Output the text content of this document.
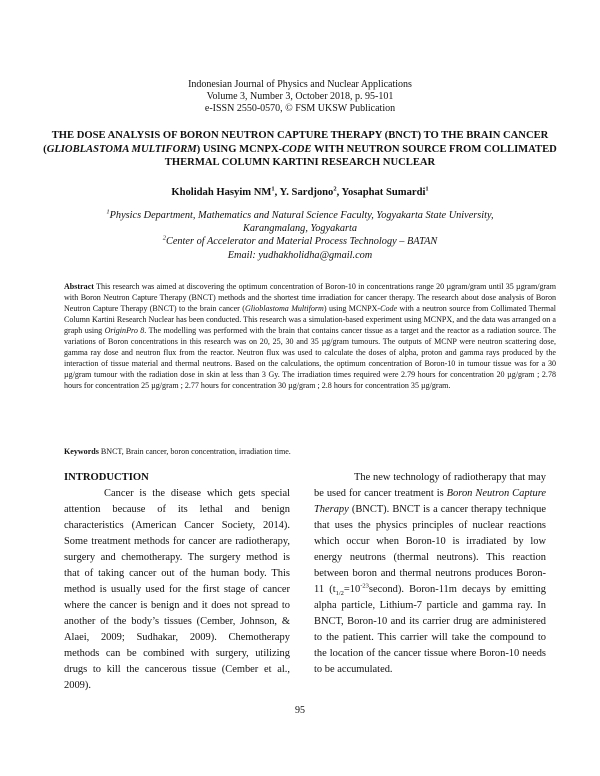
Indonesian Journal of Physics and Nuclear Applications
Volume 3, Number 3, October 2018, p. 95-101
e-ISSN 2550-0570, © FSM UKSW Publication
THE DOSE ANALYSIS OF BORON NEUTRON CAPTURE THERAPY (BNCT) TO THE BRAIN CANCER (GLIOBLASTOMA MULTIFORM) USING MCNPX-CODE WITH NEUTRON SOURCE FROM COLLIMATED THERMAL COLUMN KARTINI RESEARCH NUCLEAR
Kholidah Hasyim $NM^1$, Y. Sardjono$^2$, Yosaphat Sumardi$^1$
$^1$Physics Department, Mathematics and Natural Science Faculty, Yogyakarta State University,
Karangmalang, Yogyakarta
$^2$Center of Accelerator and Material Process Technology – BATAN
Email: yudhakholidha@gmail.com
Abstract This research was aimed at discovering the optimum concentration of Boron-10 in concentrations range 20 µgram/gram until 35 µgram/gram with Boron Neutron Capture Therapy (BNCT) methods and the shortest time irradiation for cancer therapy. The research about dose analysis of Boron Neutron Capture Therapy (BNCT) to the brain cancer (Glioblastoma Multiform) using MCNPX-Code with a neutron source from Collimated Thermal Column Kartini Research Nuclear has been conducted. This research was a simulation-based experiment using MCNPX, and the data was arranged on a graph using OriginPro 8. The modelling was performed with the brain that contains cancer tissue as a target and the reactor as a radiation source. The variations of Boron concentrations in this research was on 20, 25, 30 and 35 µg/gram tumours. The outputs of MCNP were neutron scattering dose, gamma ray dose and neutron flux from the reactor. Neutron flux was used to calculate the doses of alpha, proton and gamma rays produced by the interaction of tissue material and thermal neutrons. Based on the calculations, the optimum concentration of Boron-10 in tumour tissue was for a 30 µg/gram tumour with the radiation dose in skin at less than 3 Gy. The irradiation times required were 2.79 hours for concentration 20 µg/gram ; 2.78 hours for concentration 25 µg/gram ; 2.77 hours for concentration 30 µg/gram ; 2.8 hours for concentration 35 µg/gram.
Keywords BNCT, Brain cancer, boron concentration, irradiation time.
INTRODUCTION

Cancer is the disease which gets special attention because of its lethal and benign characteristics (American Cancer Society, 2014). Some treatment methods for cancer are radiotherapy, surgery and chemotherapy. The surgery method is that of taking cancer out of the human body. This method is usually used for the first stage of cancer where the cancer is benign and it does not spread to another of the body’s tissues (Cember, Johnson, & Alaei, 2009; Sudhakar, 2009). Chemotherapy methods can be combined with surgery, utilizing drugs to kill the cancerous tissue (Cember et al., 2009).

The new technology of radiotherapy that may be used for cancer treatment is Boron Neutron Capture Therapy (BNCT). BNCT is a cancer therapy technique that uses the physics principles of nuclear reactions which occur when Boron-10 is irradiated by low energy neutrons (thermal neutrons). This reaction between boron and thermal neutrons produces Boron-11 $(t_{1/2}=10^{-23}second)$. Boron-11m decays by emitting alpha particle, Lithium-7 particle and gamma ray. In BNCT, Boron-10 and its carrier drug are administered to the patient. This carrier will take the compound to the location of the cancer tissue where Boron-10 needs to be accumulated.

95
